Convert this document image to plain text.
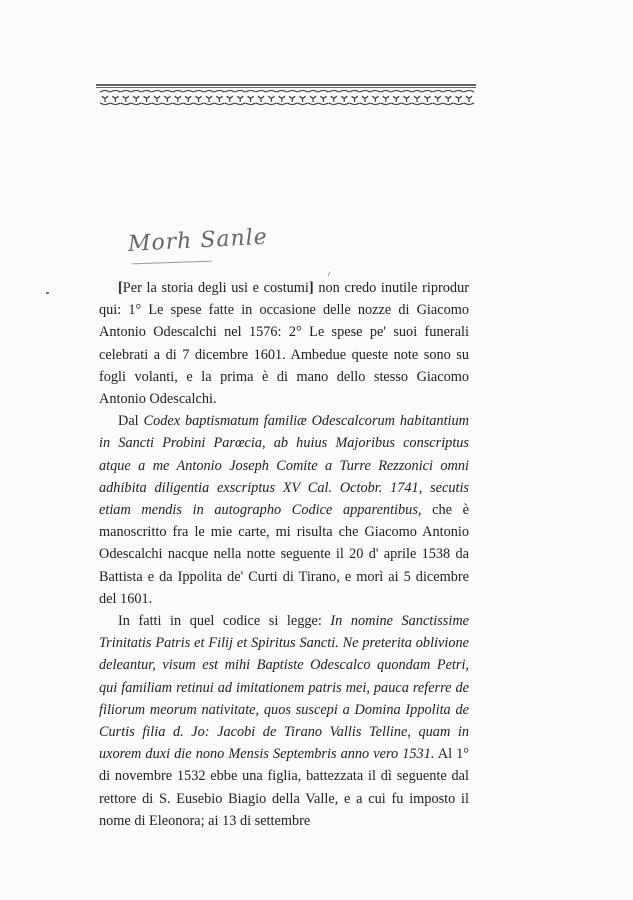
Morh Sanle
⸍

[Per la storia degli usi e costumi] non credo inutile riprodur qui: 1° Le spese fatte in occasione delle nozze di Giacomo Antonio Odescalchi nel 1576: 2° Le spese pe' suoi funerali celebrati a di 7 dicembre 1601. Ambedue queste note sono su fogli volanti, e la prima è di mano dello stesso Giacomo Antonio Odescalchi.

Dal Codex baptismatum familiæ Odescalcorum habitantium in Sancti Probini Parœcia, ab huius Majoribus conscriptus atque a me Antonio Joseph Comite a Turre Rezzonici omni adhibita diligentia exscriptus XV Cal. Octobr. 1741, secutis etiam mendis in autographo Codice apparentibus, che è manoscritto fra le mie carte, mi risulta che Giacomo Antonio Odescalchi nacque nella notte seguente il 20 d' aprile 1538 da Battista e da Ippolita de' Curti di Tirano, e morì ai 5 dicembre del 1601.

In fatti in quel codice si legge: In nomine Sanctissime Trinitatis Patris et Filij et Spiritus Sancti. Ne preterita oblivione deleantur, visum est mihi Baptiste Odescalco quondam Petri, qui familiam retinui ad imitationem patris mei, pauca referre de filiorum meorum nativitate, quos suscepi a Domina Ippolita de Curtis filia d. Jo: Jacobi de Tirano Vallis Telline, quam in uxorem duxi die nono Mensis Septembris anno vero 1531. Al 1° di novembre 1532 ebbe una figlia, battezzata il dì seguente dal rettore di S. Eusebio Biagio della Valle, e a cui fu imposto il nome di Eleonora; ai 13 di settembre
